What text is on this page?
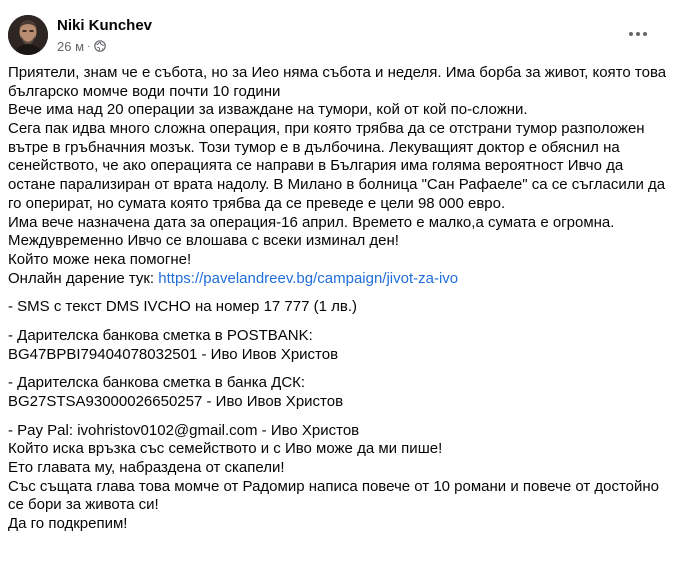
Niki Kunchev
26 м ·
Приятели, знам че е събота, но за Иео няма събота и неделя. Има борба за живот, която това
българско момче води почти 10 години
Вече има над 20 операции за изваждане на тумори, кой от кой по-сложни.
Сега пак идва много сложна операция, при която трябва да се отстрани тумор разположен
вътре в гръбначния мозък. Този тумор е в дълбочина. Лекуващият доктор е обяснил на
сенейството, че ако операцията се направи в България има голяма вероятност Ивчо да
остане парализиран от врата надолу. В Милано в болница "Сан Рафаеле" са се съгласили да
го оперират, но сумата която трябва да се преведе е цели 98 000 евро.
Има вече назначена дата за операция-16 април. Времето е малко,а сумата е огромна.
Междувременно Ивчо се влошава с всеки изминал ден!
Който може нека помогне!
Онлайн дарение тук: https://pavelandreev.bg/campaign/jivot-za-ivo
- SMS с текст DMS IVCHO на номер 17 777 (1 лв.)
- Дарителска банкова сметка в POSTBANK:
BG47BPBI79404078032501 - Иво Ивов Христов
- Дарителска банкова сметка в банка ДСК:
BG27STSA93000026650257 - Иво Ивов Христов
- Pay Pal: ivohristov0102@gmail.com - Иво Христов
Който иска връзка със семейството и с Иво може да ми пише!
Ето главата му, набраздена от скапели!
Със същата глава това момче от Радомир написа повече от 10 романи и повече от достойно
се бори за живота си!
Да го подкрепим!
